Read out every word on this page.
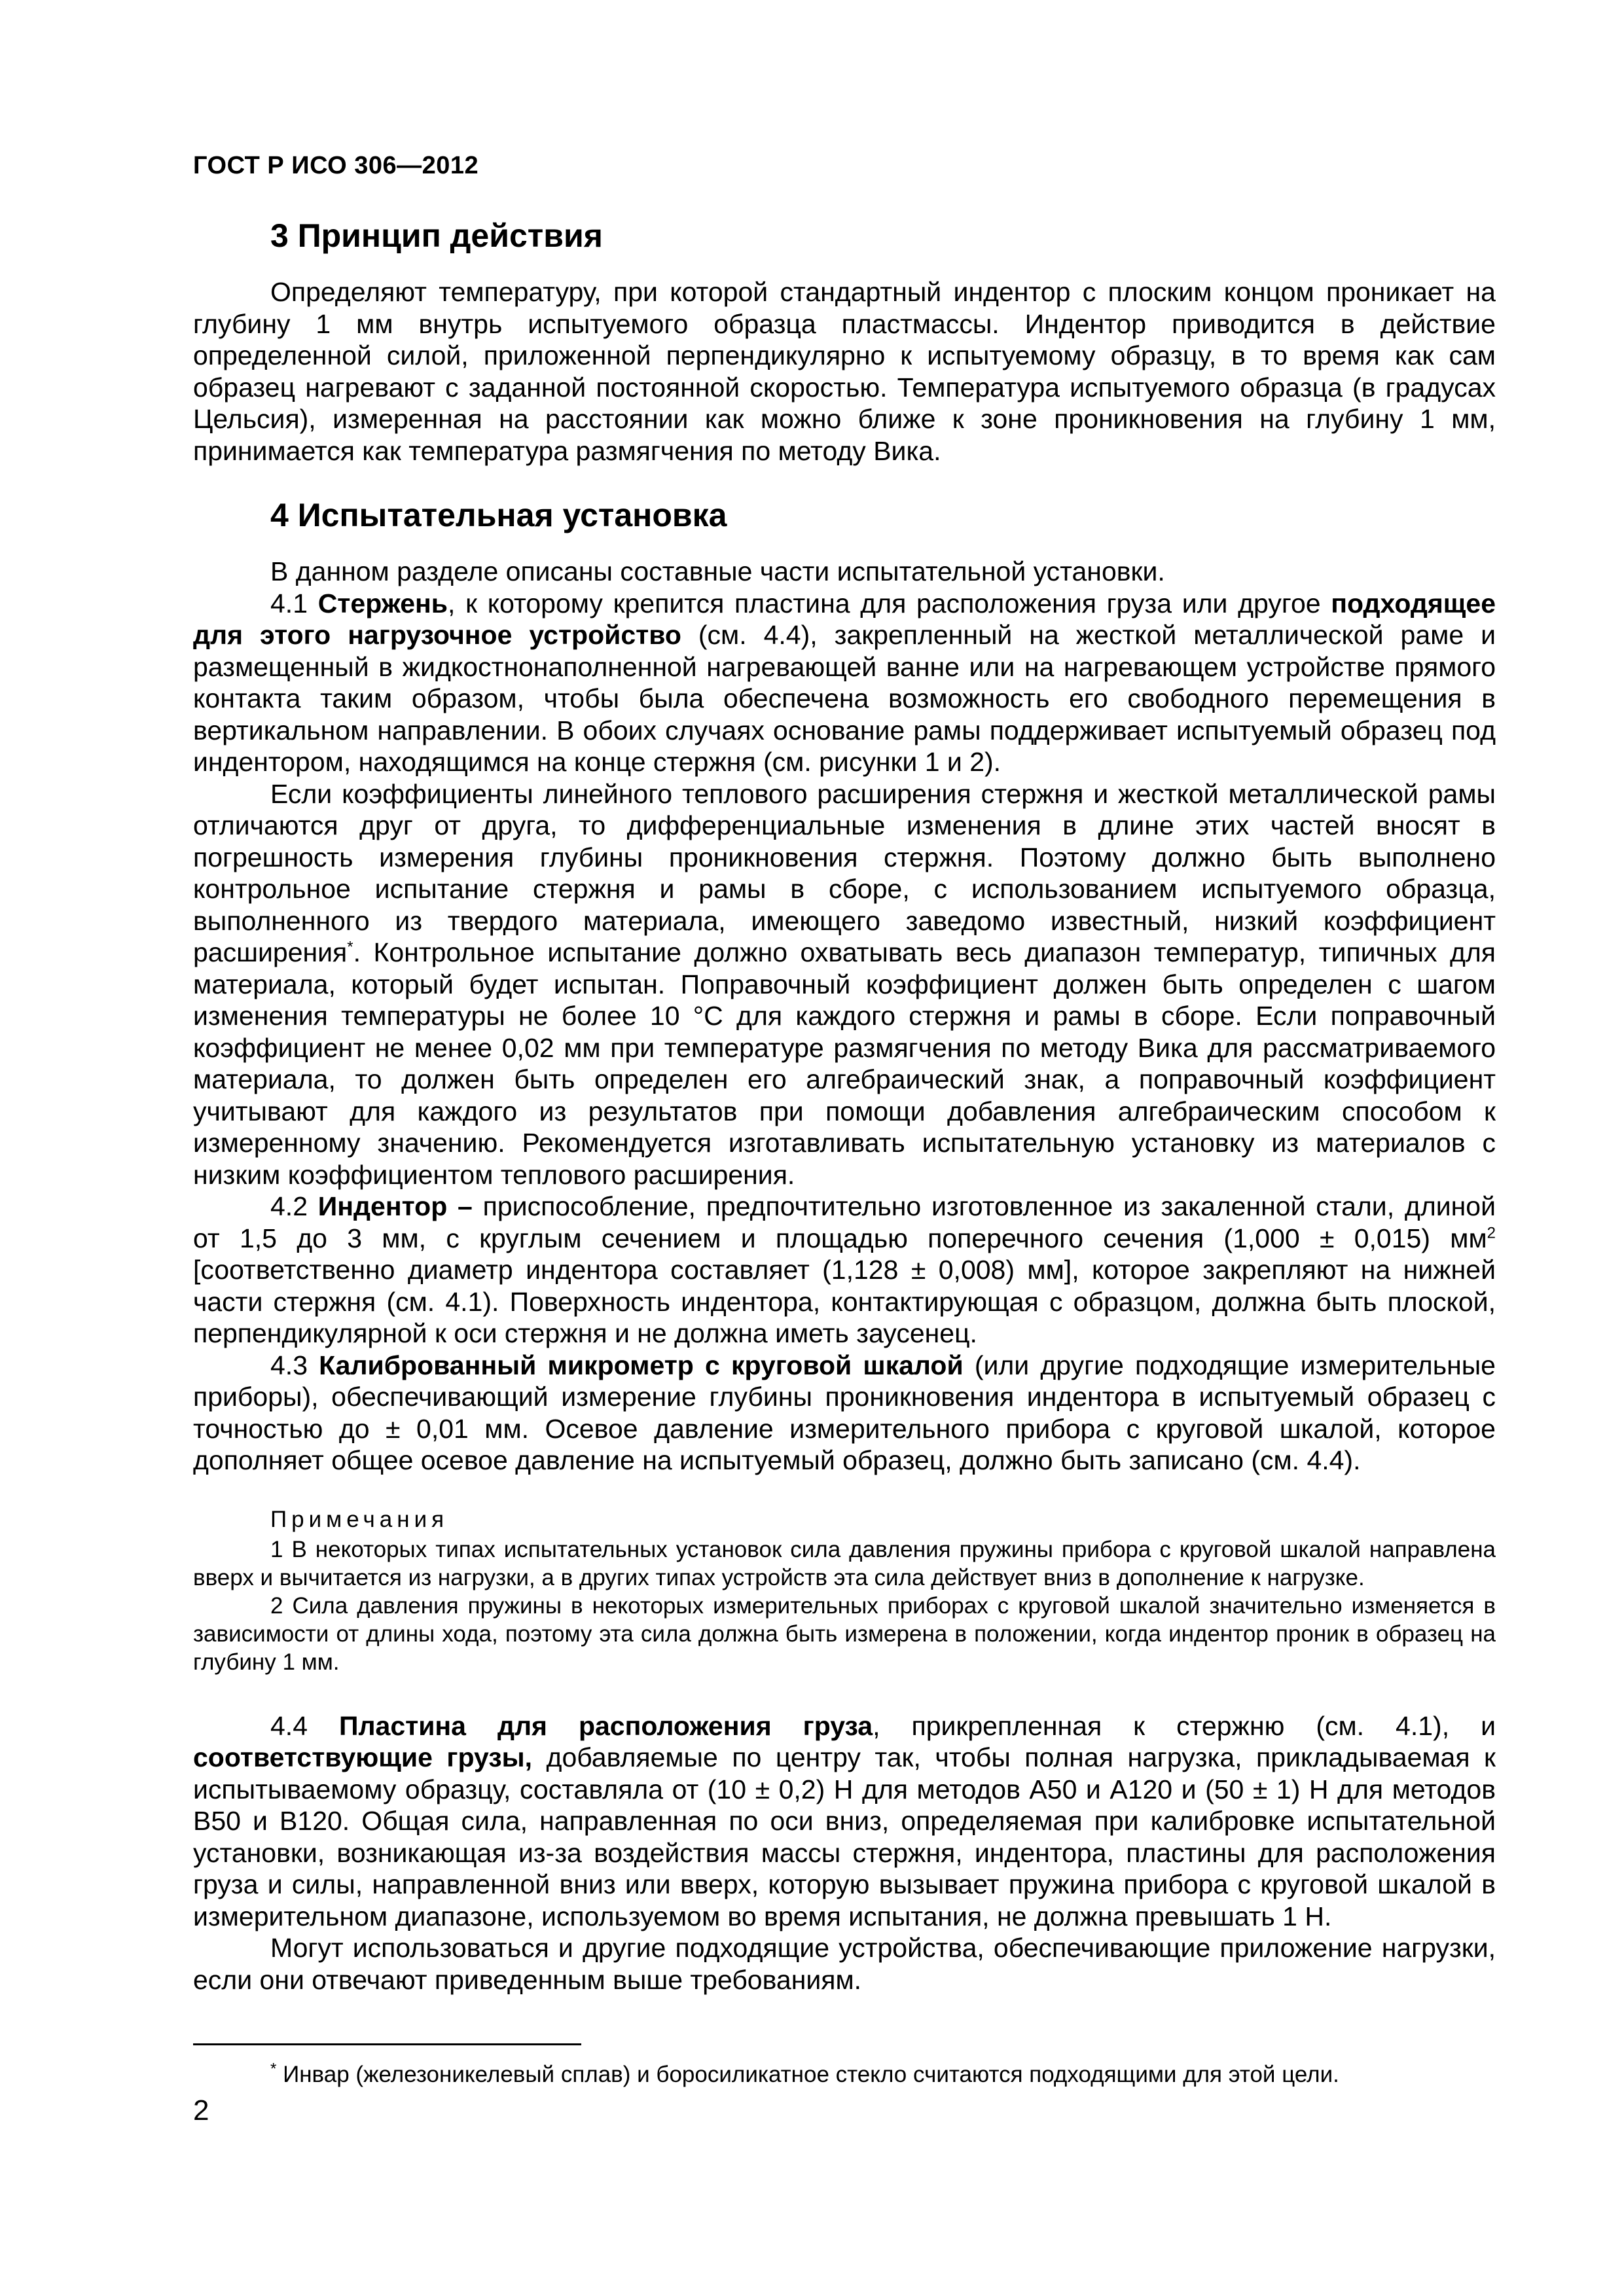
ГОСТ Р ИСО 306—2012
3 Принцип действия

Определяют температуру, при которой стандартный индентор с плоским концом проникает на глубину 1 мм внутрь испытуемого образца пластмассы. Индентор приводится в действие определенной силой, приложенной перпендикулярно к испытуемому образцу, в то время как сам образец нагревают с заданной постоянной скоростью. Температура испытуемого образца (в градусах Цельсия), измеренная на расстоянии как можно ближе к зоне проникновения на глубину 1 мм, принимается как температура размягчения по методу Вика.

4 Испытательная установка

В данном разделе описаны составные части испытательной установки.

4.1 Стержень, к которому крепится пластина для расположения груза или другое подходящее для этого нагрузочное устройство (см. 4.4), закрепленный на жесткой металлической раме и размещенный в жидкостнонаполненной нагревающей ванне или на нагревающем устройстве прямого контакта таким образом, чтобы была обеспечена возможность его свободного перемещения в вертикальном направлении. В обоих случаях основание рамы поддерживает испытуемый образец под индентором, находящимся на конце стержня (см. рисунки 1 и 2).

Если коэффициенты линейного теплового расширения стержня и жесткой металлической рамы отличаются друг от друга, то дифференциальные изменения в длине этих частей вносят в погрешность измерения глубины проникновения стержня. Поэтому должно быть выполнено контрольное испытание стержня и рамы в сборе, с использованием испытуемого образца, выполненного из твердого материала, имеющего заведомо известный, низкий коэффициент расширения*. Контрольное испытание должно охватывать весь диапазон температур, типичных для материала, который будет испытан. Поправочный коэффициент должен быть определен с шагом изменения температуры не более 10 °С для каждого стержня и рамы в сборе. Если поправочный коэффициент не менее 0,02 мм при температуре размягчения по методу Вика для рассматриваемого материала, то должен быть определен его алгебраический знак, а поправочный коэффициент учитывают для каждого из результатов при помощи добавления алгебраическим способом к измеренному значению. Рекомендуется изготавливать испытательную установку из материалов с низким коэффициентом теплового расширения.

4.2 Индентор – приспособление, предпочтительно изготовленное из закаленной стали, длиной от 1,5 до 3 мм, с круглым сечением и площадью поперечного сечения (1,000 ± 0,015) $мм^2$ [соответственно диаметр индентора составляет (1,128 ± 0,008) мм], которое закрепляют на нижней части стержня (см. 4.1). Поверхность индентора, контактирующая с образцом, должна быть плоской, перпендикулярной к оси стержня и не должна иметь заусенец.

4.3 Калиброванный микрометр с круговой шкалой (или другие подходящие измерительные приборы), обеспечивающий измерение глубины проникновения индентора в испытуемый образец с точностью до ± 0,01 мм. Осевое давление измерительного прибора с круговой шкалой, которое дополняет общее осевое давление на испытуемый образец, должно быть записано (см. 4.4).

Примечания

1 В некоторых типах испытательных установок сила давления пружины прибора с круговой шкалой направлена вверх и вычитается из нагрузки, а в других типах устройств эта сила действует вниз в дополнение к нагрузке.

2 Сила давления пружины в некоторых измерительных приборах с круговой шкалой значительно изменяется в зависимости от длины хода, поэтому эта сила должна быть измерена в положении, когда индентор проник в образец на глубину 1 мм.

4.4 Пластина для расположения груза, прикрепленная к стержню (см. 4.1), и соответствующие грузы, добавляемые по центру так, чтобы полная нагрузка, прикладываемая к испытываемому образцу, составляла от (10 ± 0,2) Н для методов А50 и А120 и (50 ± 1) Н для методов В50 и В120. Общая сила, направленная по оси вниз, определяемая при калибровке испытательной установки, возникающая из-за воздействия массы стержня, индентора, пластины для расположения груза и силы, направленной вниз или вверх, которую вызывает пружина прибора с круговой шкалой в измерительном диапазоне, используемом во время испытания, не должна превышать 1 Н.

Могут использоваться и другие подходящие устройства, обеспечивающие приложение нагрузки, если они отвечают приведенным выше требованиям.

* Инвар (железоникелевый сплав) и боросиликатное стекло считаются подходящими для этой цели.
2
